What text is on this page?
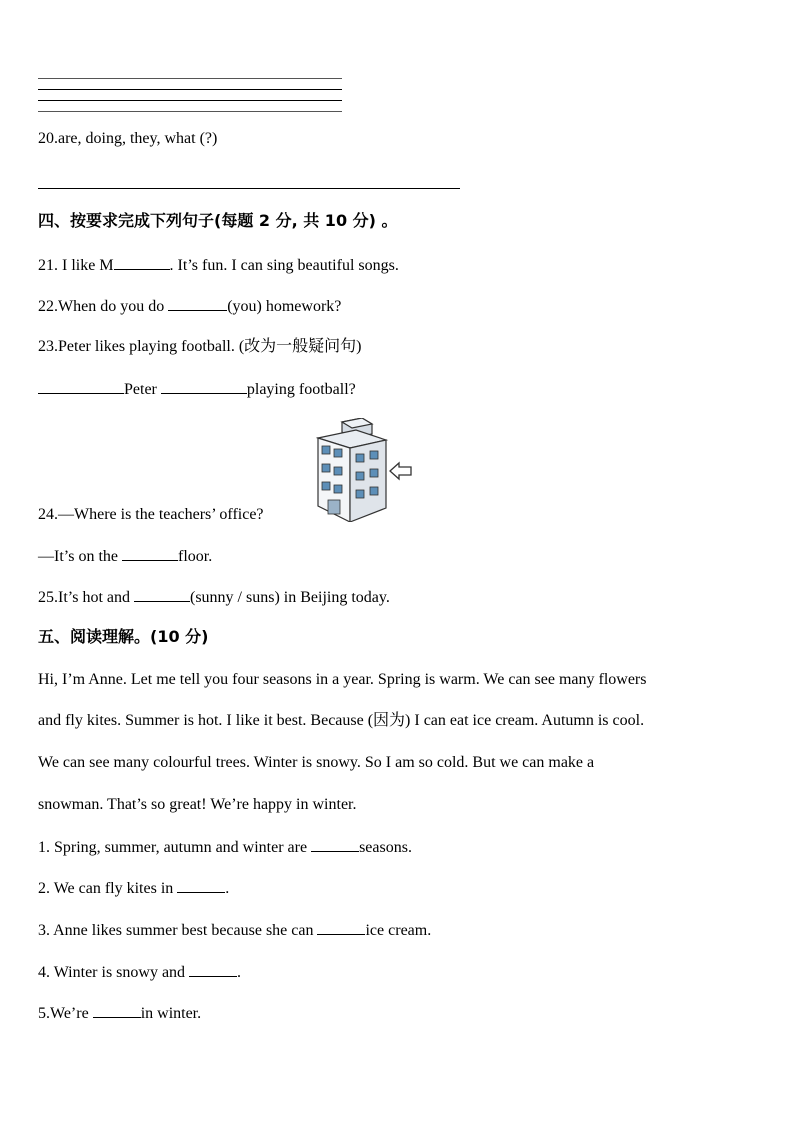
20.are, doing, they, what (?)
四、按要求完成下列句子(每题 2 分, 共 10 分) 。
21. I like M	. It’s fun. I can sing beautiful songs.
22.When do you do	(you) homework?
23.Peter likes playing football. (改为一般疑问句)
Peter	playing football?
24.—Where is the teachers’ office?
—It’s on the	floor.
25.It’s hot and	(sunny / suns) in Beijing today.
五、阅读理解。(10 分)
Hi, I’m Anne. Let me tell you four seasons in a year. Spring is warm. We can see many flowers
and fly kites. Summer is hot. I like it best. Because (因为) I can eat ice cream. Autumn is cool.
We can see many colourful trees. Winter is snowy. So I am so cold. But we can make a
snowman. That’s so great! We’re happy in winter.
1. Spring, summer, autumn and winter are	seasons.
2. We can fly kites in	.
3. Anne likes summer best because she can	ice cream.
4. Winter is snowy and	.
5.We’re	in winter.
